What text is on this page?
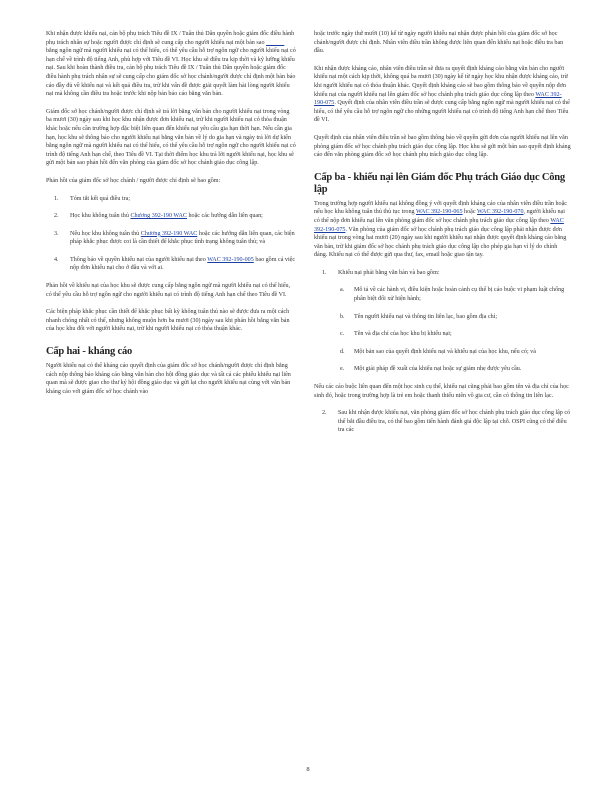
Khi nhận được khiếu nại, cán bộ phụ trách Tiêu đề IX / Tuân thủ Dân quyền hoặc giám đốc điều hành phụ trách nhân sự hoặc người được chỉ định sẽ cung cấp cho người khiếu nại một bản sao              bằng ngôn ngữ mà người khiếu nại có thể hiểu, có thể yêu cầu hỗ trợ ngôn ngữ cho người khiếu nại có hạn chế về trình độ tiếng Anh, phù hợp với Tiêu đề VI. Học khu sẽ điều tra kịp thời và kỹ lưỡng khiếu nại. Sau khi hoàn thành điều tra, cán bộ phụ trách Tiêu đề IX / Tuân thủ Dân quyền hoặc giám đốc điều hành phụ trách nhân sự sẽ cung cấp cho giám đốc sở học chánh/người được chỉ định một bản báo cáo đầy đủ về khiếu nại và kết quả điều tra, trừ khi vấn đề được giải quyết làm hài lòng người khiếu nại mà không cần điều tra hoặc trước khi nộp bản báo cáo bằng văn bản.

Giám đốc sở học chánh/người được chỉ định sẽ trả lời bằng văn bản cho người khiếu nại trong vòng ba mươi (30) ngày sau khi học khu nhận được đơn khiếu nại, trừ khi người khiếu nại có thỏa thuận khác hoặc nếu cần trường hợp đặc biệt liên quan đến khiếu nại yêu cầu gia hạn thời hạn. Nếu cần gia hạn, học khu sẽ thông báo cho người khiếu nại bằng văn bản về lý do gia hạn và ngày trả lời dự kiến bằng ngôn ngữ mà người khiếu nại có thể hiểu, có thể yêu cầu hỗ trợ ngôn ngữ cho người khiếu nại có trình độ tiếng Anh hạn chế, theo Tiêu đề VI. Tại thời điểm học khu trả lời người khiếu nại, học khu sẽ gửi một bản sao phản hồi đến văn phòng của giám đốc sở học chánh giáo dục công lập.

Phản hồi của giám đốc sở học chánh / người được chỉ định sẽ bao gồm:

1. Tóm tắt kết quả điều tra;
2. Học khu không tuân thủ Chương 392-190 WAC hoặc các hướng dẫn liên quan;
3. Nếu học khu không tuân thủ Chương 392-190 WAC hoặc các hướng dẫn liên quan, các biện pháp khắc phục được coi là cần thiết để khắc phục tình trạng không tuân thủ; và
4. Thông báo về quyền khiếu nại của người khiếu nại theo WAC 392-190-005 bao gồm cả việc nộp đơn khiếu nại cho ở đâu và với ai.

Phản hồi về khiếu nại của học khu sẽ được cung cấp bằng ngôn ngữ mà người khiếu nại có thể hiểu, có thể yêu cầu hỗ trợ ngôn ngữ cho người khiếu nại có trình độ tiếng Anh hạn chế theo Tiêu đề VI.

Các biện pháp khắc phục cần thiết để khắc phục bất kỳ không tuân thủ nào sẽ được đưa ra một cách nhanh chóng nhất có thể, nhưng không muộn hơn ba mươi (30) ngày sau khi phản hồi bằng văn bản của học khu đối với người khiếu nại, trừ khi người khiếu nại có thỏa thuận khác.

Cấp hai - kháng cáo

Người khiếu nại có thể kháng cáo quyết định của giám đốc sở học chánh/người được chỉ định bằng cách nộp thông báo kháng cáo bằng văn bản cho hội đồng giáo dục và tất cả các phiếu khiếu nại liên quan mà sẽ được giao cho thư ký hội đồng giáo dục và gửi lại cho người khiếu nại cùng với văn bản kháng cáo với giám đốc sở học chánh vào

hoặc trước ngày thứ mười (10) kể từ ngày người khiếu nại nhận được phản hồi của giám đốc sở học chánh/người được chỉ định. Nhân viên điều trần không được liên quan đến khiếu nại hoặc điều tra ban đầu.

Khi nhận được kháng cáo, nhân viên điều trần sẽ đưa ra quyết định kháng cáo bằng văn bản cho người khiếu nại một cách kịp thời, không quá ba mươi (30) ngày kể từ ngày học khu nhận được kháng cáo, trừ khi người khiếu nại có thỏa thuận khác. Quyết định kháng cáo sẽ bao gồm thông báo về quyền nộp đơn khiếu nại của người khiếu nại lên giám đốc sở học chánh phụ trách giáo dục công lập theo WAC 392-190-075. Quyết định của nhân viên điều trần sẽ được cung cấp bằng ngôn ngữ mà người khiếu nại có thể hiểu, có thể yêu cầu hỗ trợ ngôn ngữ cho những người khiếu nại có trình độ tiếng Anh hạn chế theo Tiêu đề VI.

Quyết định của nhân viên điều trần sẽ bao gồm thông báo về quyền gửi đơn của người khiếu nại lên văn phòng giám đốc sở học chánh phụ trách giáo dục công lập. Học khu sẽ gửi một bản sao quyết định kháng cáo đến văn phòng giám đốc sở học chánh phụ trách giáo dục công lập.

Cấp ba - khiếu nại lên Giám đốc Phụ trách Giáo dục Công lập

Trong trường hợp người khiếu nại không đồng ý với quyết định kháng cáo của nhân viên điều trần hoặc nếu học khu không tuân thủ thủ tục trong WAC 392-190-065 hoặc WAC 392-190-070, người khiếu nại có thể nộp đơn khiếu nại lên văn phòng giám đốc sở học chánh phụ trách giáo dục công lập theo WAC 392-190-075. Văn phòng của giám đốc sở học chánh phụ trách giáo dục công lập phải nhận được đơn khiếu nại trong vòng hai mươi (20) ngày sau khi người khiếu nại nhận được quyết định kháng cáo bằng văn bản, trừ khi giám đốc sở học chánh phụ trách giáo dục công lập cho phép gia hạn vì lý do chính đáng. Khiếu nại có thể được gửi qua thư, fax, email hoặc giao tận tay.

1. Khiếu nại phải bằng văn bản và bao gồm:
a. Mô tả về các hành vi, điều kiện hoặc hoàn cảnh cụ thể bị cáo buộc vi phạm luật chống phân biệt đối xử hiện hành;
b. Tên người khiếu nại và thông tin liên lạc, bao gồm địa chỉ;
c. Tên và địa chỉ của học khu bị khiếu nại;
d. Một bản sao của quyết định khiếu nại và khiếu nại của học khu, nếu có; và
e. Một giải pháp đề xuất của khiếu nại hoặc sự giảm nhẹ được yêu cầu.

Nếu các cáo buộc liên quan đến một học sinh cụ thể, khiếu nại cũng phải bao gồm tên và địa chỉ của học sinh đó, hoặc trong trường hợp là trẻ em hoặc thanh thiếu niên vô gia cư, cần có thông tin liên lạc.

2. Sau khi nhận được khiếu nại, văn phòng giám đốc sở học chánh phụ trách giáo dục công lập có thể bắt đầu điều tra, có thể bao gồm tiến hành đánh giá độc lập tại chỗ. OSPI cũng có thể điều tra các
8
